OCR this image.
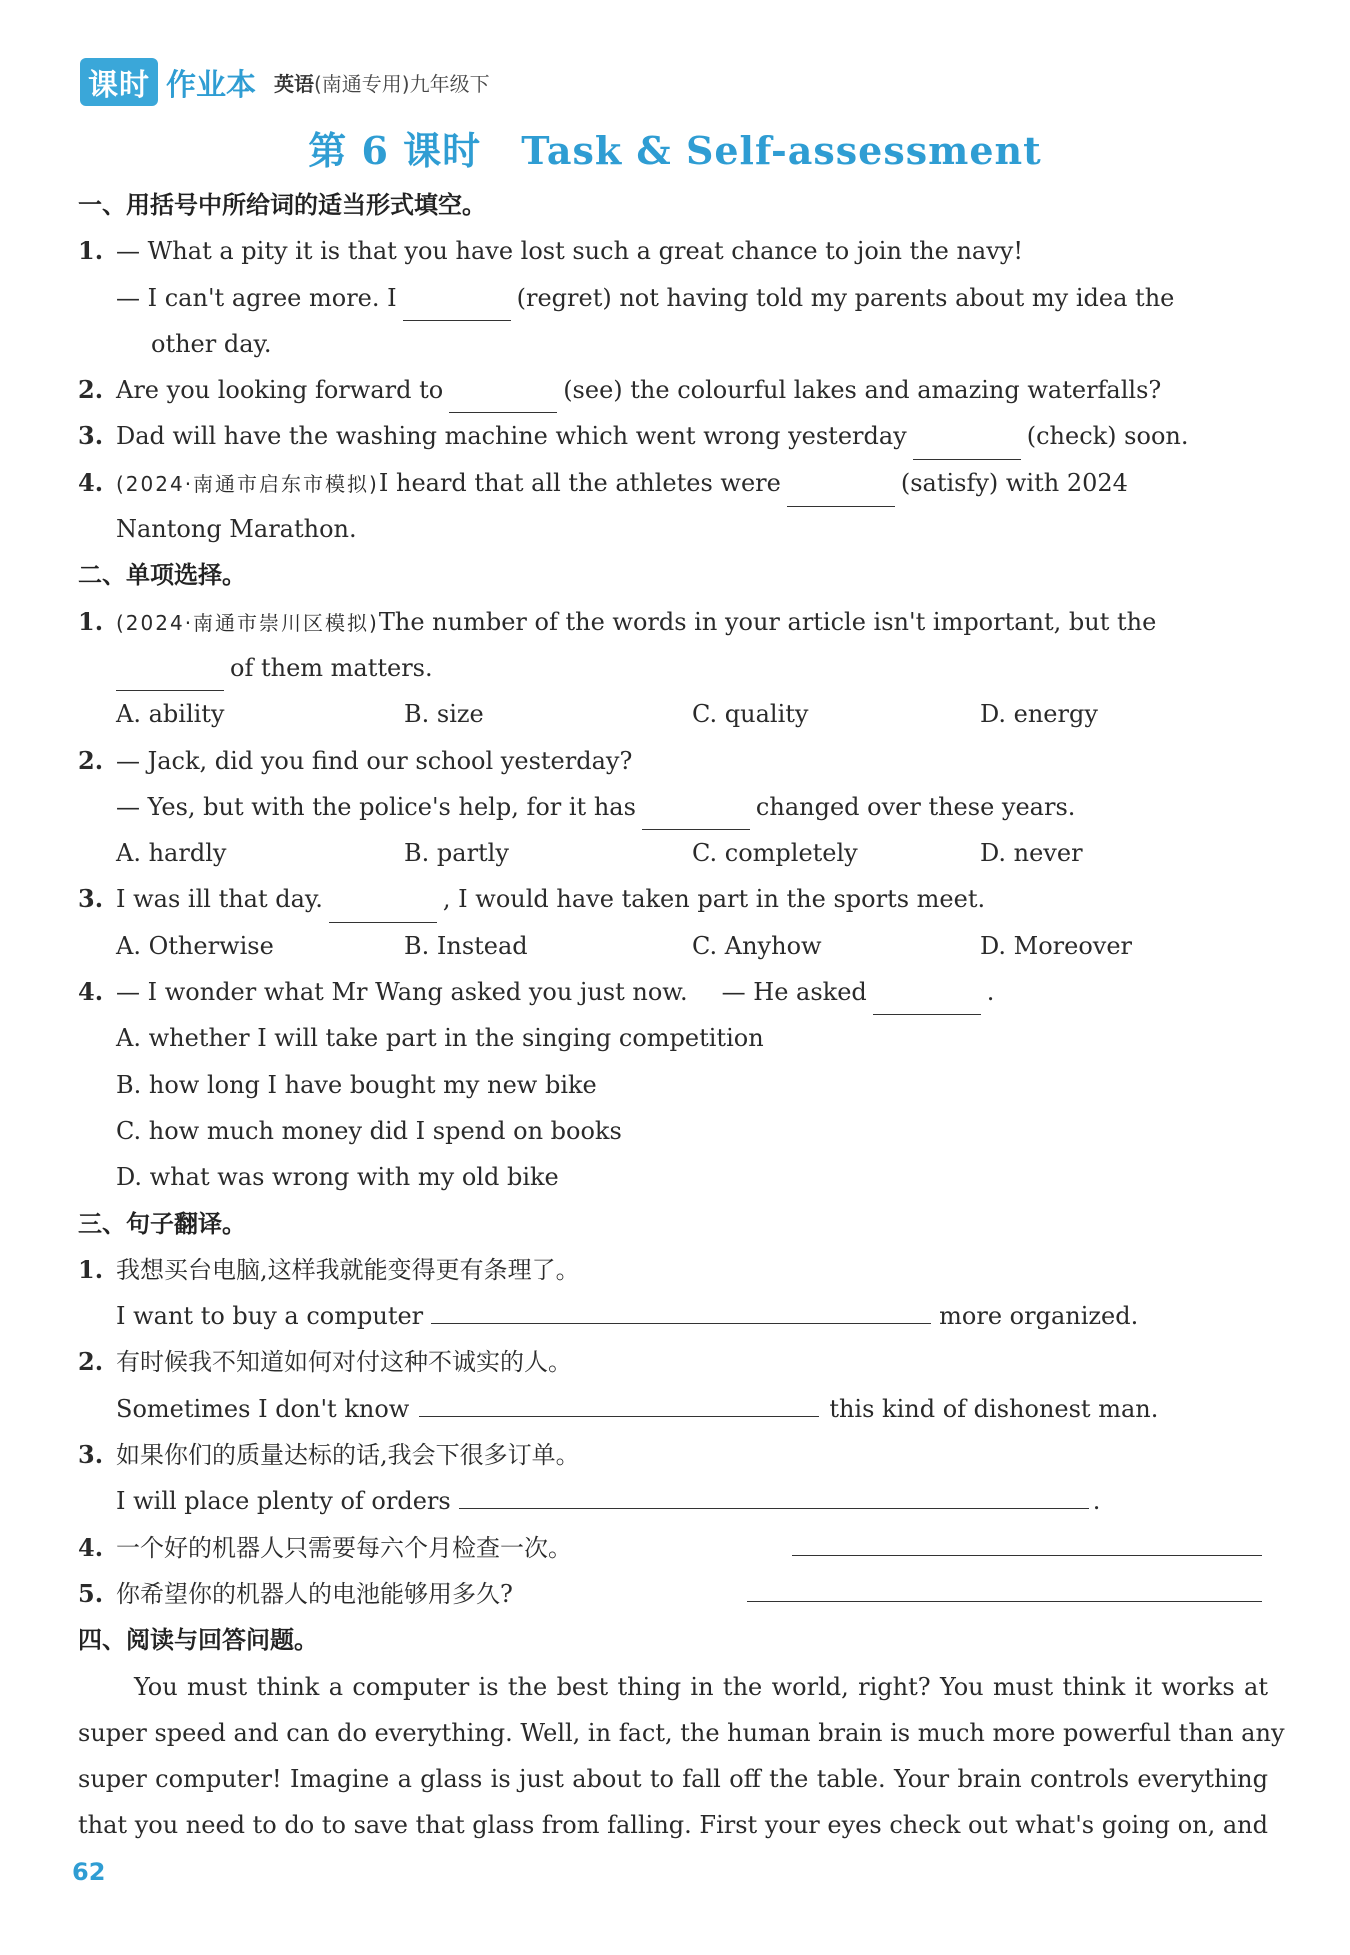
课时 作业本 英语 (南通专用)九年级下
第 6 课时 Task & Self-assessment
一、用括号中所给词的适当形式填空。
1. — What a pity it is that you have lost such a great chance to join the navy!
— I can't agree more. I	(regret) not having told my parents about my idea the
other day.
2. Are you looking forward to	(see) the colourful lakes and amazing waterfalls?
3. Dad will have the washing machine which went wrong yesterday	(check) soon.
4. (2024·南通市启东市模拟)I heard that all the athletes were	(satisfy) with 2024
Nantong Marathon.
二、单项选择。
1. (2024·南通市崇川区模拟)The number of the words in your article isn't important, but the
of them matters.
A. ability	B. size	C. quality	D. energy
2. — Jack, did you find our school yesterday?
— Yes, but with the police's help, for it has	changed over these years.
A. hardly	B. partly	C. completely	D. never
3. I was ill that day.	, I would have taken part in the sports meet.
A. Otherwise	B. Instead	C. Anyhow	D. Moreover
4. — I wonder what Mr Wang asked you just now. — He asked	.
A. whether I will take part in the singing competition
B. how long I have bought my new bike
C. how much money did I spend on books
D. what was wrong with my old bike
三、句子翻译。
1. 我想买台电脑,这样我就能变得更有条理了。
I want to buy a computer	more organized.
2. 有时候我不知道如何对付这种不诚实的人。
Sometimes I don't know	this kind of dishonest man.
3. 如果你们的质量达标的话,我会下很多订单。
I will place plenty of orders	.
4. 一个好的机器人只需要每六个月检查一次。
5. 你希望你的机器人的电池能够用多久?
四、阅读与回答问题。
You must think a computer is the best thing in the world, right? You must think it works at
super speed and can do everything. Well, in fact, the human brain is much more powerful than any
super computer! Imagine a glass is just about to fall off the table. Your brain controls everything
that you need to do to save that glass from falling. First your eyes check out what's going on, and
62
